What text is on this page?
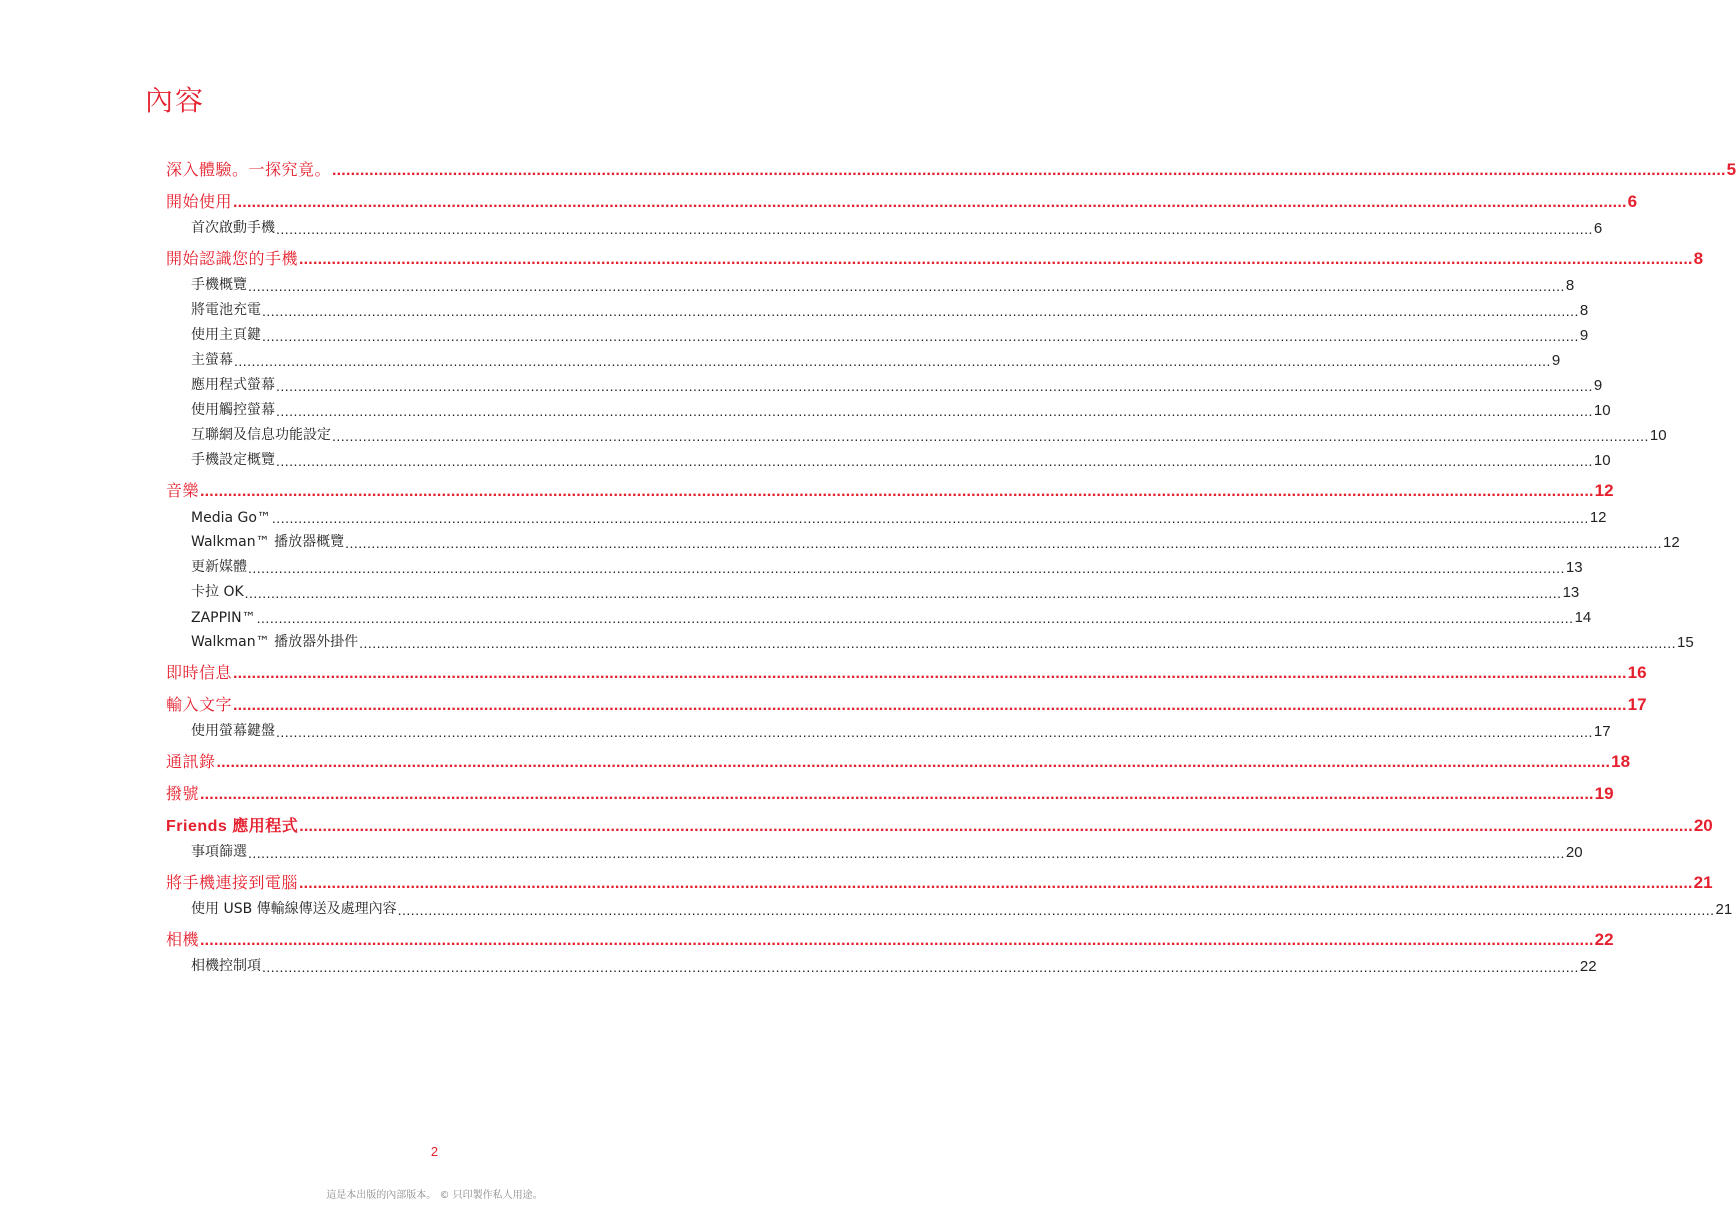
內容
深入體驗。一探究竟。 ............................................................................................................................................................................................................................................................................................................ 5
開始使用 ............................................................................................................................................................................................................................................................................................................ 6
首次啟動手機 ............................................................................................................................................................................................................................................................................................................ 6
開始認識您的手機 ............................................................................................................................................................................................................................................................................................................ 8
手機概覽 ............................................................................................................................................................................................................................................................................................................ 8
將電池充電 ............................................................................................................................................................................................................................................................................................................ 8
使用主頁鍵 ............................................................................................................................................................................................................................................................................................................ 9
主螢幕 ............................................................................................................................................................................................................................................................................................................ 9
應用程式螢幕 ............................................................................................................................................................................................................................................................................................................ 9
使用觸控螢幕 ............................................................................................................................................................................................................................................................................................................ 10
互聯網及信息功能設定 ............................................................................................................................................................................................................................................................................................................ 10
手機設定概覽 ............................................................................................................................................................................................................................................................................................................ 10
音樂 ............................................................................................................................................................................................................................................................................................................ 12
Media Go™ ............................................................................................................................................................................................................................................................................................................ 12
Walkman™ 播放器概覽 ............................................................................................................................................................................................................................................................................................................ 12
更新媒體 ............................................................................................................................................................................................................................................................................................................ 13
卡拉 OK ............................................................................................................................................................................................................................................................................................................ 13
ZAPPIN™ ............................................................................................................................................................................................................................................................................................................ 14
Walkman™ 播放器外掛件 ............................................................................................................................................................................................................................................................................................................ 15
即時信息 ............................................................................................................................................................................................................................................................................................................ 16
輸入文字 ............................................................................................................................................................................................................................................................................................................ 17
使用螢幕鍵盤 ............................................................................................................................................................................................................................................................................................................ 17
通訊錄 ............................................................................................................................................................................................................................................................................................................ 18
撥號 ............................................................................................................................................................................................................................................................................................................ 19
Friends 應用程式 ............................................................................................................................................................................................................................................................................................................ 20
事項篩選 ............................................................................................................................................................................................................................................................................................................ 20
將手機連接到電腦 ............................................................................................................................................................................................................................................................................................................ 21
使用 USB 傳輸線傳送及處理內容 ............................................................................................................................................................................................................................................................................................................ 21
相機 ............................................................................................................................................................................................................................................................................................................ 22
相機控制項 ............................................................................................................................................................................................................................................................................................................ 22
2
這是本出版的內部版本。 © 只印製作私人用途。
